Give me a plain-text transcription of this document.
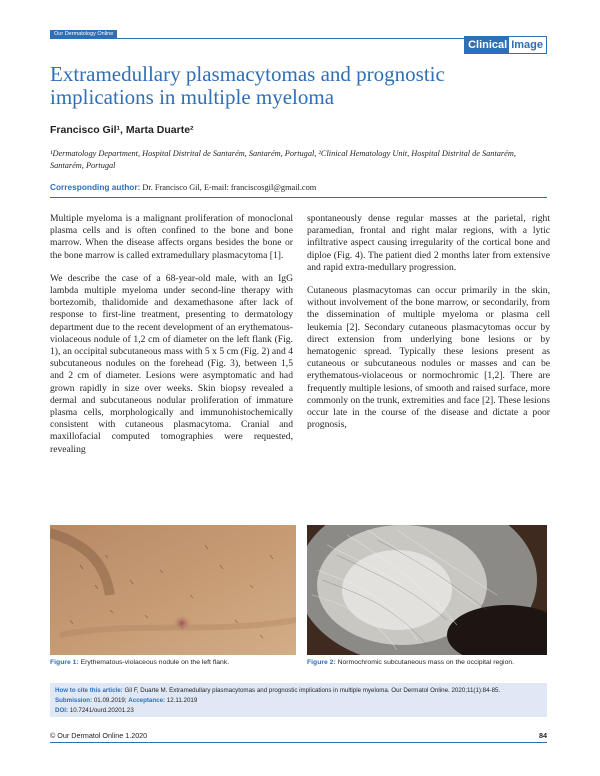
Our Dermatology Online
Clinical Image
Extramedullary plasmacytomas and prognostic implications in multiple myeloma
Francisco Gil¹, Marta Duarte²
¹Dermatology Department, Hospital Distrital de Santarém, Santarém, Portugal, ²Clinical Hematology Unit, Hospital Distrital de Santarém, Santarém, Portugal
Corresponding author: Dr. Francisco Gil, E-mail: franciscosgil@gmail.com

Multiple myeloma is a malignant proliferation of monoclonal plasma cells and is often confined to the bone and bone marrow. When the disease affects organs besides the bone or the bone marrow is called extramedullary plasmacytoma [1].

We describe the case of a 68-year-old male, with an IgG lambda multiple myeloma under second-line therapy with bortezomib, thalidomide and dexamethasone after lack of response to first-line treatment, presenting to dermatology department due to the recent development of an erythematous-violaceous nodule of 1,2 cm of diameter on the left flank (Fig. 1), an occipital subcutaneous mass with 5 x 5 cm (Fig. 2) and 4 subcutaneous nodules on the forehead (Fig. 3), between 1,5 and 2 cm of diameter. Lesions were asymptomatic and had grown rapidly in size over weeks. Skin biopsy revealed a dermal and subcutaneous nodular proliferation of immature plasma cells, morphologically and immunohistochemically consistent with cutaneous plasmacytoma. Cranial and maxillofacial computed tomographies were requested, revealing

spontaneously dense regular masses at the parietal, right paramedian, frontal and right malar regions, with a lytic infiltrative aspect causing irregularity of the cortical bone and diploe (Fig. 4). The patient died 2 months later from extensive and rapid extra-medullary progression.

Cutaneous plasmacytomas can occur primarily in the skin, without involvement of the bone marrow, or secondarily, from the dissemination of multiple myeloma or plasma cell leukemia [2]. Secondary cutaneous plasmacytomas occur by direct extension from underlying bone lesions or by hematogenic spread. Typically these lesions present as cutaneous or subcutaneous nodules or masses and can be erythematous-violaceous or normochromic [1,2]. There are frequently multiple lesions, of smooth and raised surface, more commonly on the trunk, extremities and face [2]. These lesions occur late in the course of the disease and dictate a poor prognosis,

Figure 1: Erythematous-violaceous nodule on the left flank.	Figure 2: Normochromic subcutaneous mass on the occipital region.
How to cite this article: Gil F, Duarte M. Extramedullary plasmacytomas and prognostic implications in multiple myeloma. Our Dermatol Online. 2020;11(1):84-85.
Submission: 01.09.2019; Acceptance: 12.11.2019
DOI: 10.7241/ourd.20201.23
© Our Dermatol Online 1.2020	84
